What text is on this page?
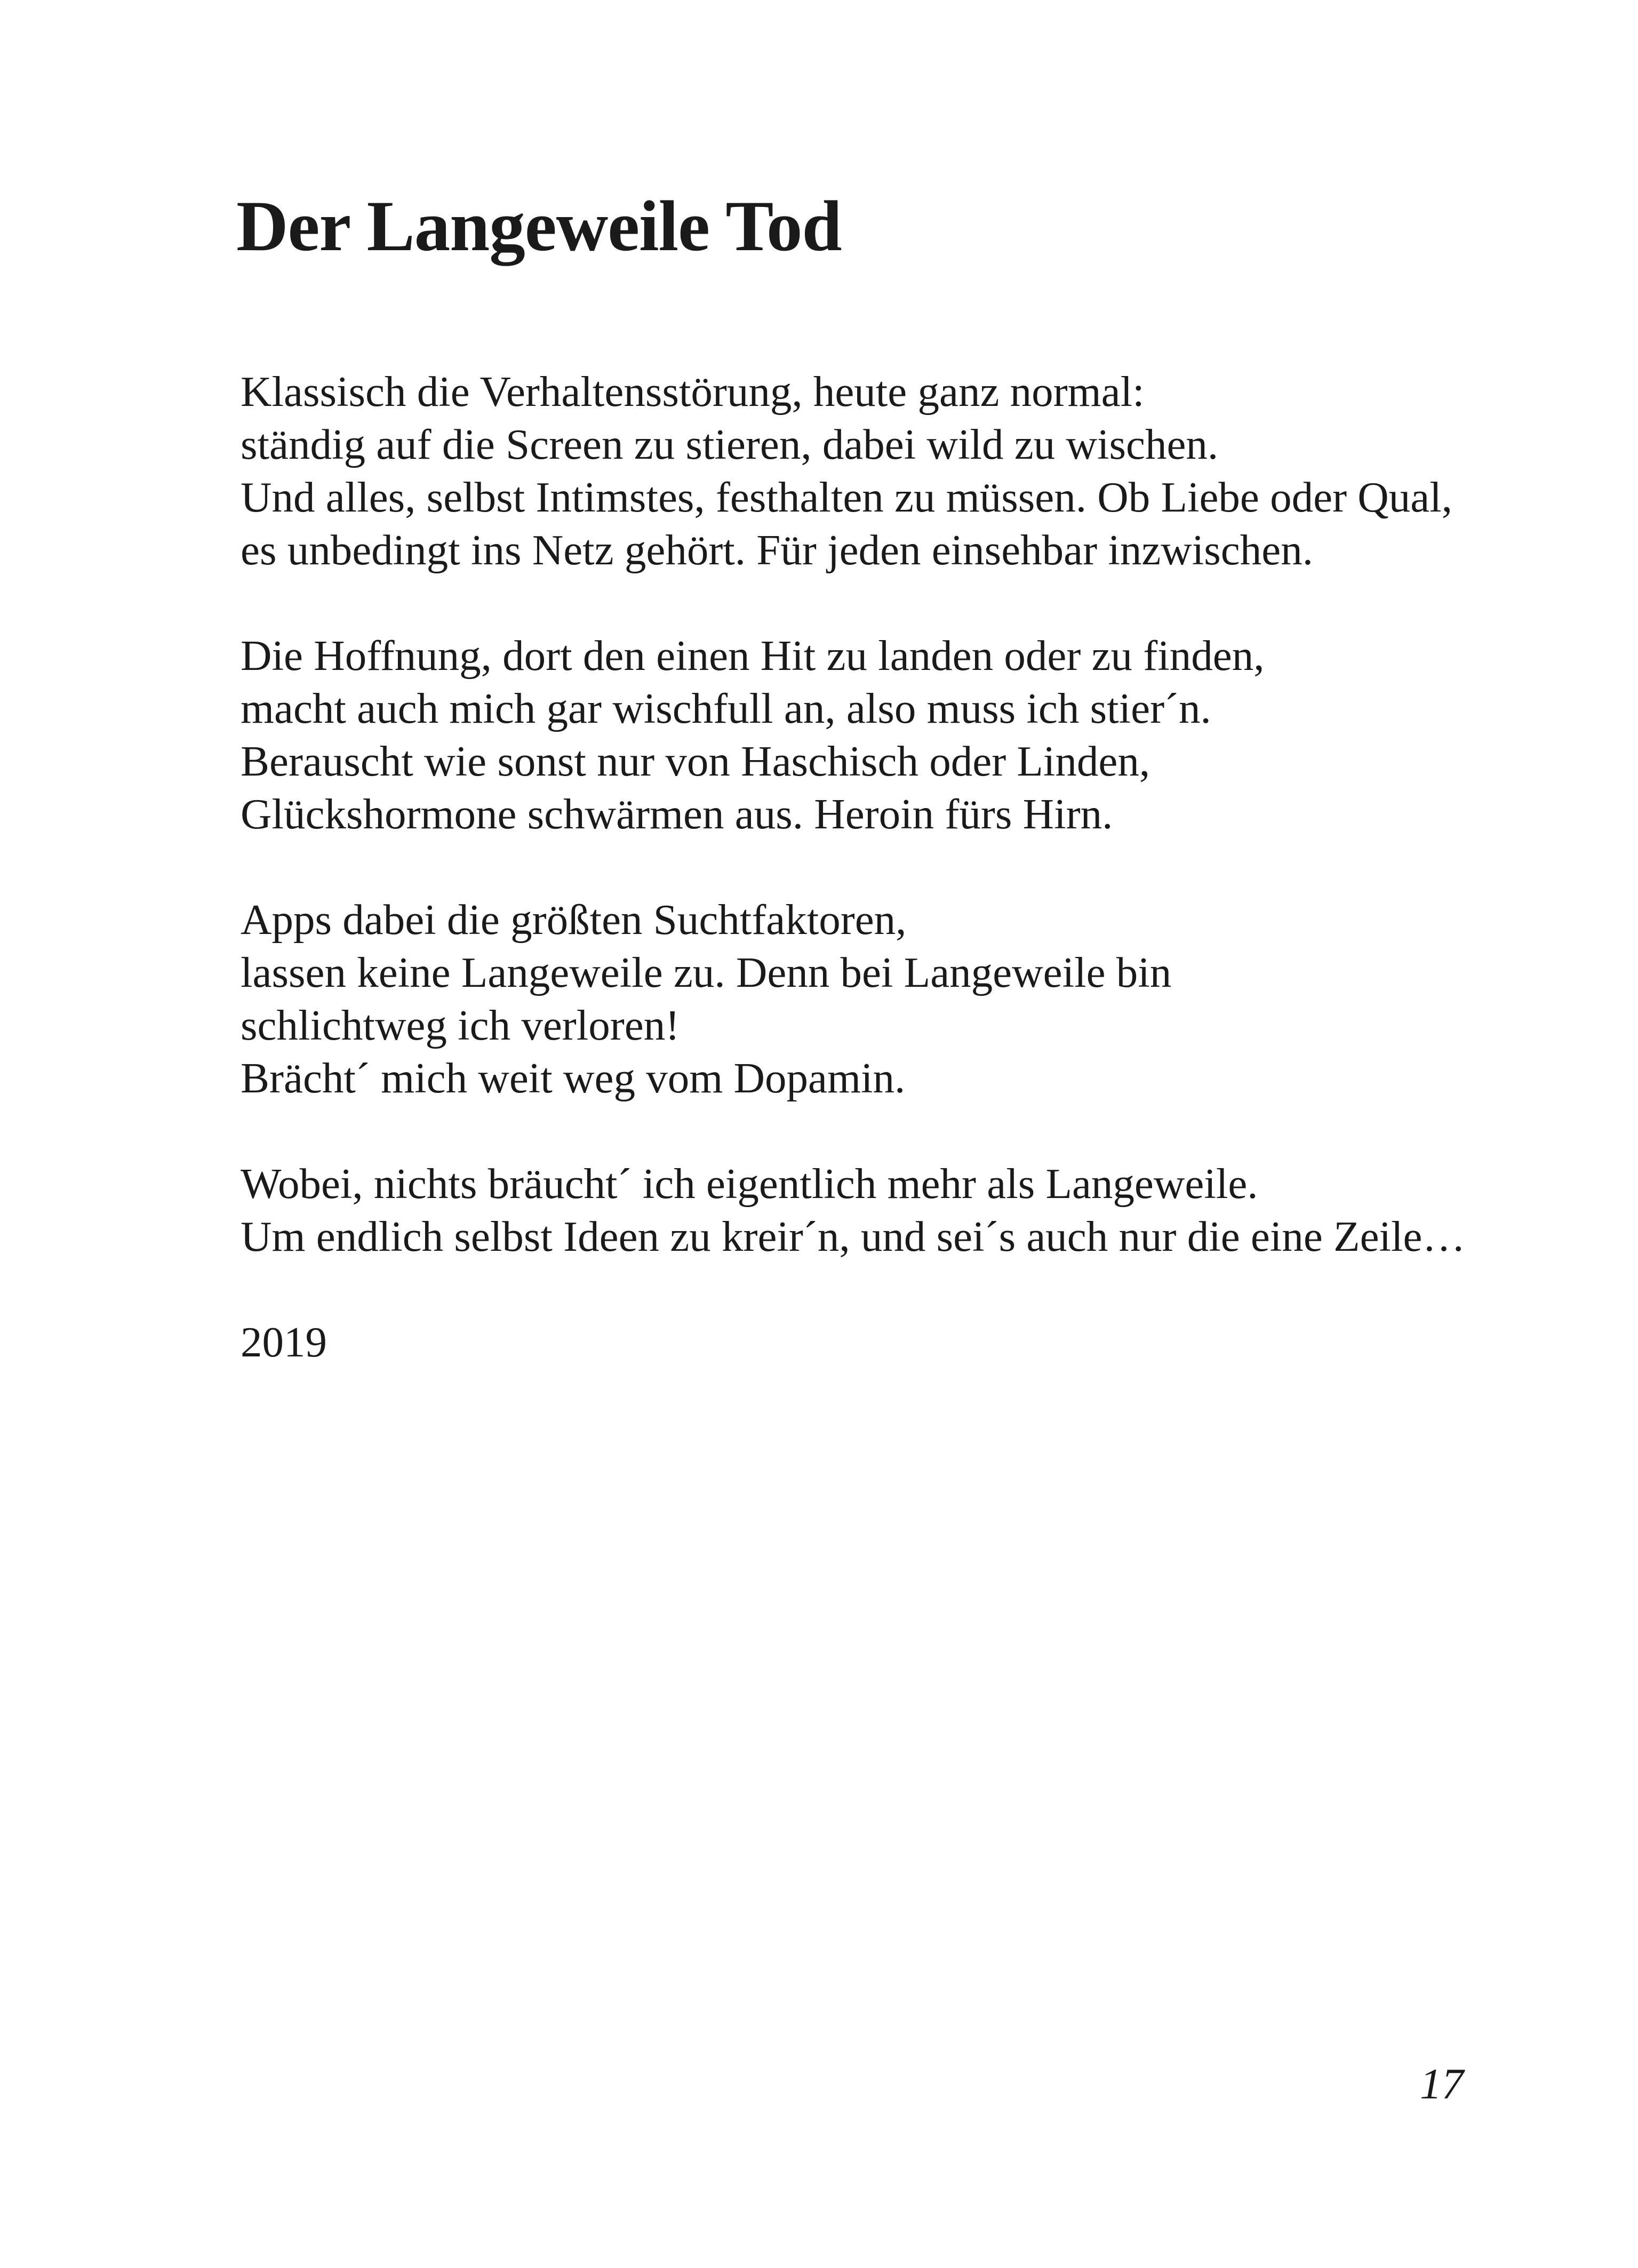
Der Langeweile Tod
Klassisch die Verhaltensstörung, heute ganz normal:
ständig auf die Screen zu stieren, dabei wild zu wischen.
Und alles, selbst Intimstes, festhalten zu müssen. Ob Liebe oder Qual,
es unbedingt ins Netz gehört. Für jeden einsehbar inzwischen.
Die Hoffnung, dort den einen Hit zu landen oder zu finden,
macht auch mich gar wischfull an, also muss ich stier´n.
Berauscht wie sonst nur von Haschisch oder Linden,
Glückshormone schwärmen aus. Heroin fürs Hirn.
Apps dabei die größten Suchtfaktoren,
lassen keine Langeweile zu. Denn bei Langeweile bin
schlichtweg ich verloren!
Brächt´ mich weit weg vom Dopamin.
Wobei, nichts bräucht´ ich eigentlich mehr als Langeweile.
Um endlich selbst Ideen zu kreir´n, und sei´s auch nur die eine Zeile…
2019
17
